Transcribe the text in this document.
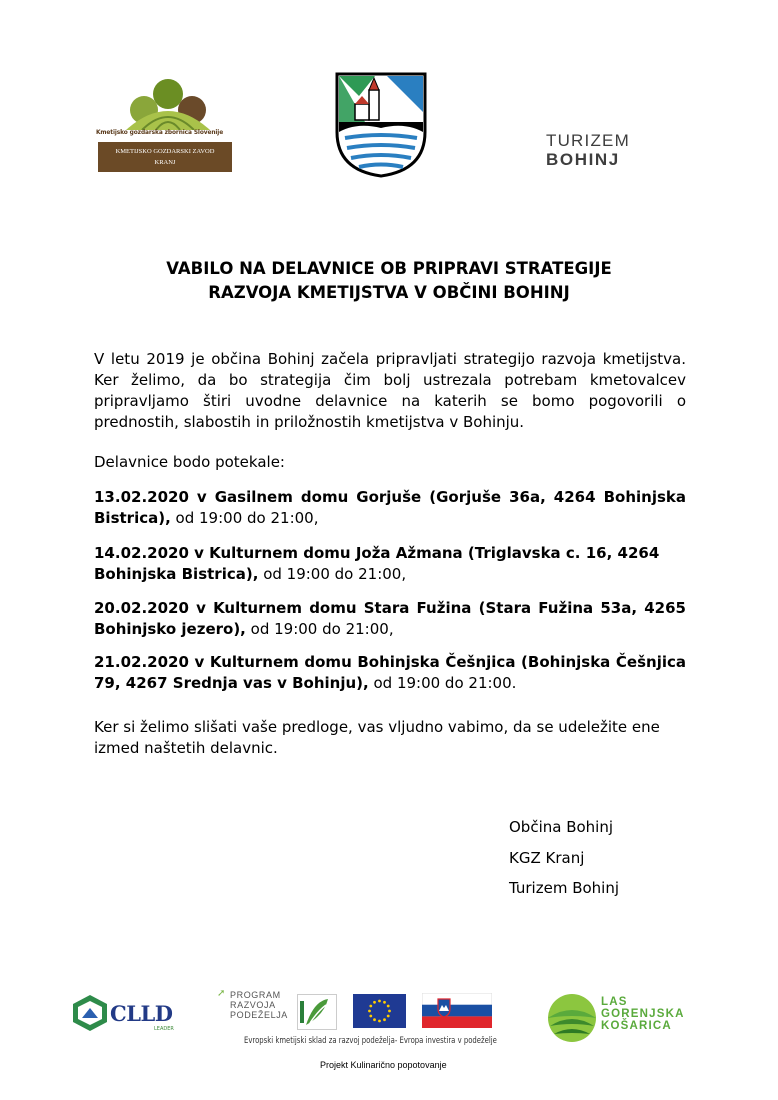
Kmetijsko gozdarska zbornica Slovenije
KMETIJSKO GOZDARSKI ZAVOD
KRANJ
TURIZEM
BOHINJ
VABILO NA DELAVNICE OB PRIPRAVI STRATEGIJE
RAZVOJA KMETIJSTVA V OBČINI BOHINJ
V letu 2019 je občina Bohinj začela pripravljati strategijo razvoja kmetijstva. Ker želimo, da bo strategija čim bolj ustrezala potrebam kmetovalcev pripravljamo štiri uvodne delavnice na katerih se bomo pogovorili o prednostih, slabostih in priložnostih kmetijstva v Bohinju.
Delavnice bodo potekale:
13.02.2020 v Gasilnem domu Gorjuše (Gorjuše 36a, 4264 Bohinjska Bistrica), od 19:00 do 21:00,
14.02.2020 v Kulturnem domu Joža Ažmana (Triglavska c. 16, 4264 Bohinjska Bistrica), od 19:00 do 21:00,
20.02.2020 v Kulturnem domu Stara Fužina (Stara Fužina 53a, 4265 Bohinjsko jezero), od 19:00 do 21:00,
21.02.2020 v Kulturnem domu Bohinjska Češnjica (Bohinjska Češnjica 79, 4267 Srednja vas v Bohinju), od 19:00 do 21:00.
Ker si želimo slišati vaše predloge, vas vljudno vabimo, da se udeležite ene izmed naštetih delavnic.
Občina Bohinj
KGZ Kranj
Turizem Bohinj
CLLD
LEADER
➚ PROGRAM
RAZVOJA
PODEŽELJA
Evropski kmetijski sklad za razvoj podeželja- Evropa investira v podeželje
LAS
GORENJSKA
KOŠARICA
Projekt Kulinarično popotovanje
